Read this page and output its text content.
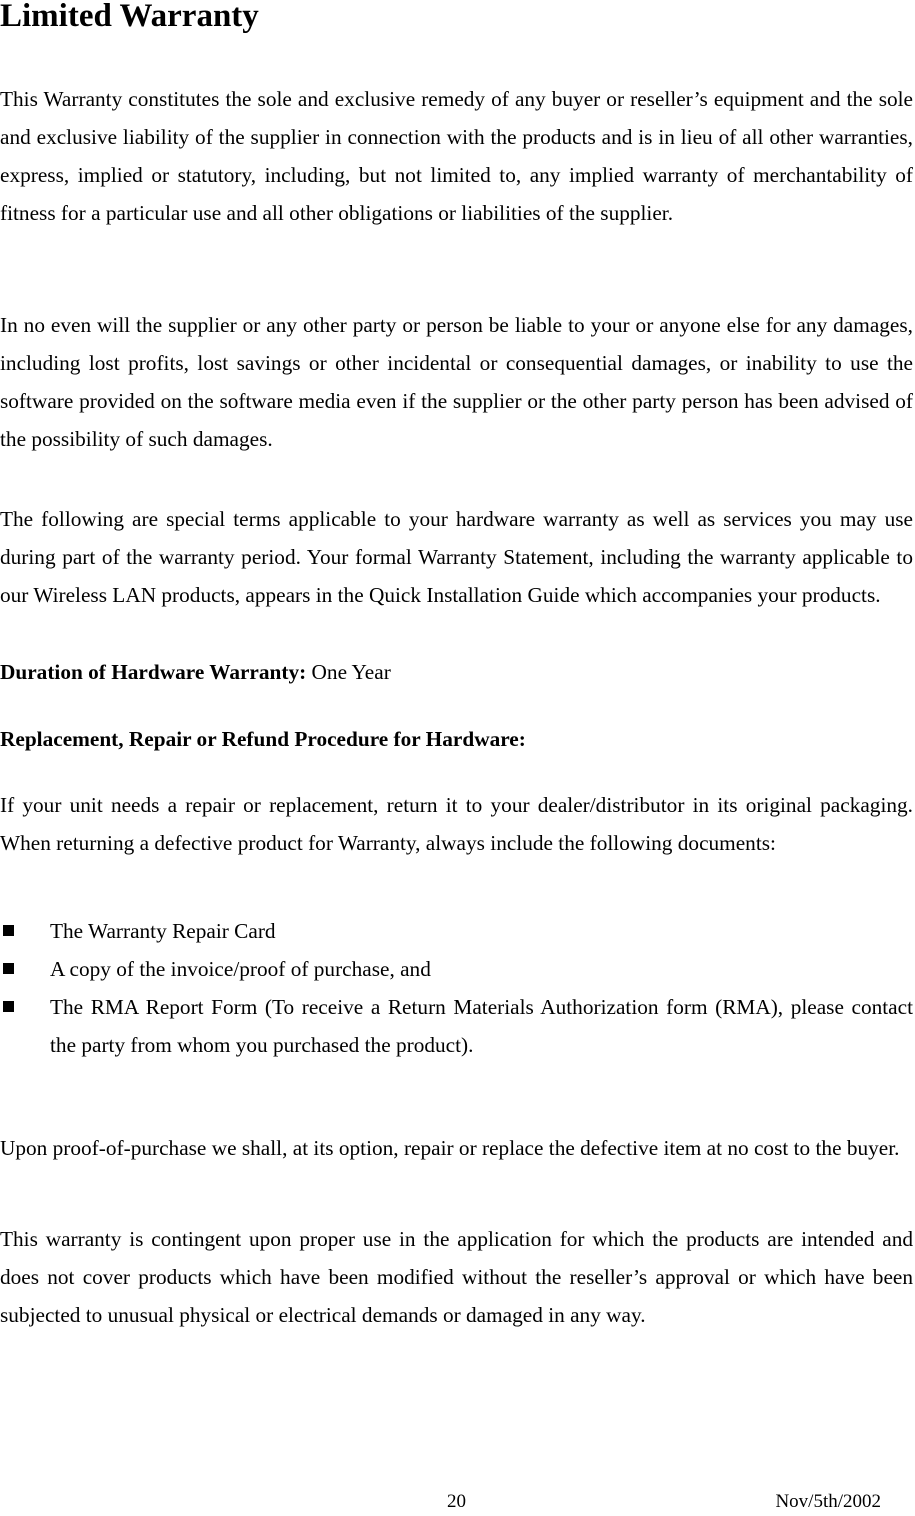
Limited Warranty

This Warranty constitutes the sole and exclusive remedy of any buyer or reseller’s equipment and the sole and exclusive liability of the supplier in connection with the products and is in lieu of all other warranties, express, implied or statutory, including, but not limited to, any implied warranty of merchantability of fitness for a particular use and all other obligations or liabilities of the supplier.

In no even will the supplier or any other party or person be liable to your or anyone else for any damages, including lost profits, lost savings or other incidental or consequential damages, or inability to use the software provided on the software media even if the supplier or the other party person has been advised of the possibility of such damages.

The following are special terms applicable to your hardware warranty as well as services you may use during part of the warranty period. Your formal Warranty Statement, including the warranty applicable to our Wireless LAN products, appears in the Quick Installation Guide which accompanies your products.

Duration of Hardware Warranty: One Year

Replacement, Repair or Refund Procedure for Hardware:

If your unit needs a repair or replacement, return it to your dealer/distributor in its original packaging. When returning a defective product for Warranty, always include the following documents:

The Warranty Repair Card
A copy of the invoice/proof of purchase, and
The RMA Report Form (To receive a Return Materials Authorization form (RMA), please contact the party from whom you purchased the product).

Upon proof-of-purchase we shall, at its option, repair or replace the defective item at no cost to the buyer.

This warranty is contingent upon proper use in the application for which the products are intended and does not cover products which have been modified without the reseller’s approval or which have been subjected to unusual physical or electrical demands or damaged in any way.

20	Nov/5th/2002
